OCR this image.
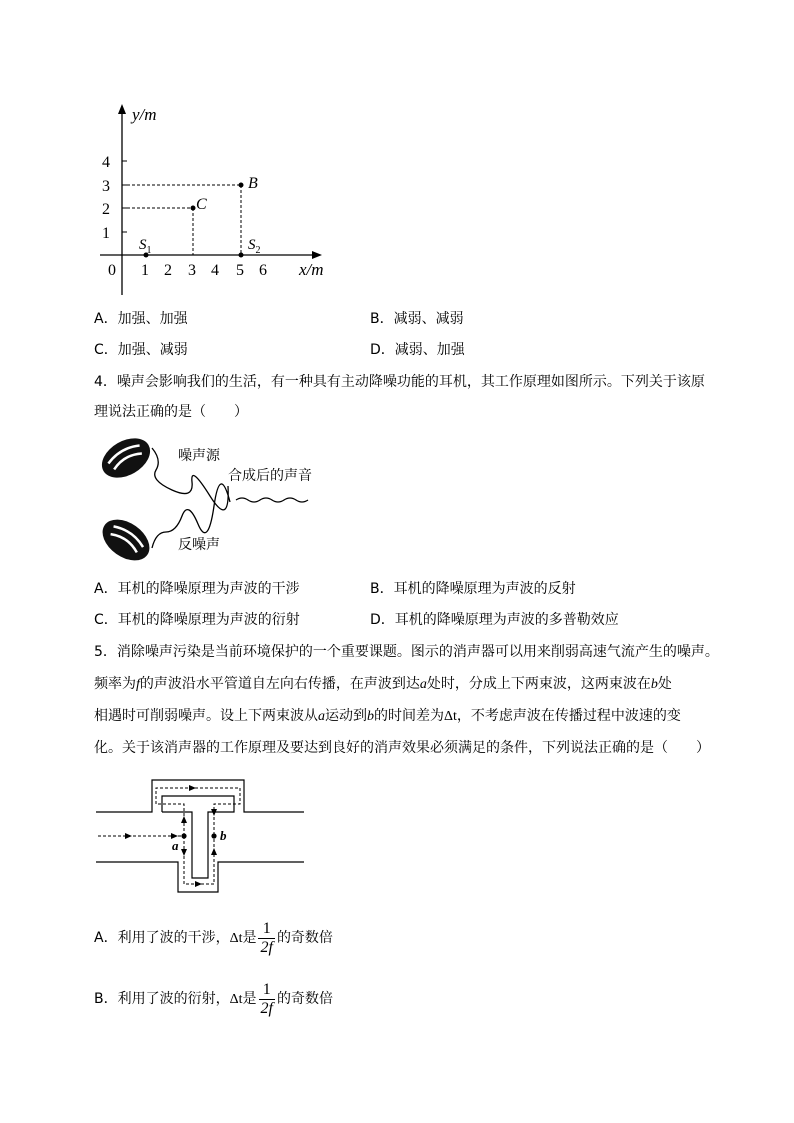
y/m
x/m
0
1
2
3
4
1 2 3 4 5 6
B
C
$S_1$	$S_2$
A．加强、加强	B．减弱、减弱
C．加强、减弱	D．减弱、加强
4．噪声会影响我们的生活，有一种具有主动降噪功能的耳机，其工作原理如图所示。下列关于该原
理说法正确的是（　　）
噪声源
合成后的声音
反噪声
A．耳机的降噪原理为声波的干涉	B．耳机的降噪原理为声波的反射
C．耳机的降噪原理为声波的衍射	D．耳机的降噪原理为声波的多普勒效应
5．消除噪声污染是当前环境保护的一个重要课题。图示的消声器可以用来削弱高速气流产生的噪声。
频率为f的声波沿水平管道自左向右传播，在声波到达a处时，分成上下两束波，这两束波在b处
相遇时可削弱噪声。设上下两束波从a运动到b的时间差为Δt，不考虑声波在传播过程中波速的变
化。关于该消声器的工作原理及要达到良好的消声效果必须满足的条件，下列说法正确的是（　　）
a
b
A．利用了波的干涉，Δt是 $\frac{1}{2f}$ 的奇数倍
B．利用了波的衍射，Δt是 $\frac{1}{2f}$ 的奇数倍
